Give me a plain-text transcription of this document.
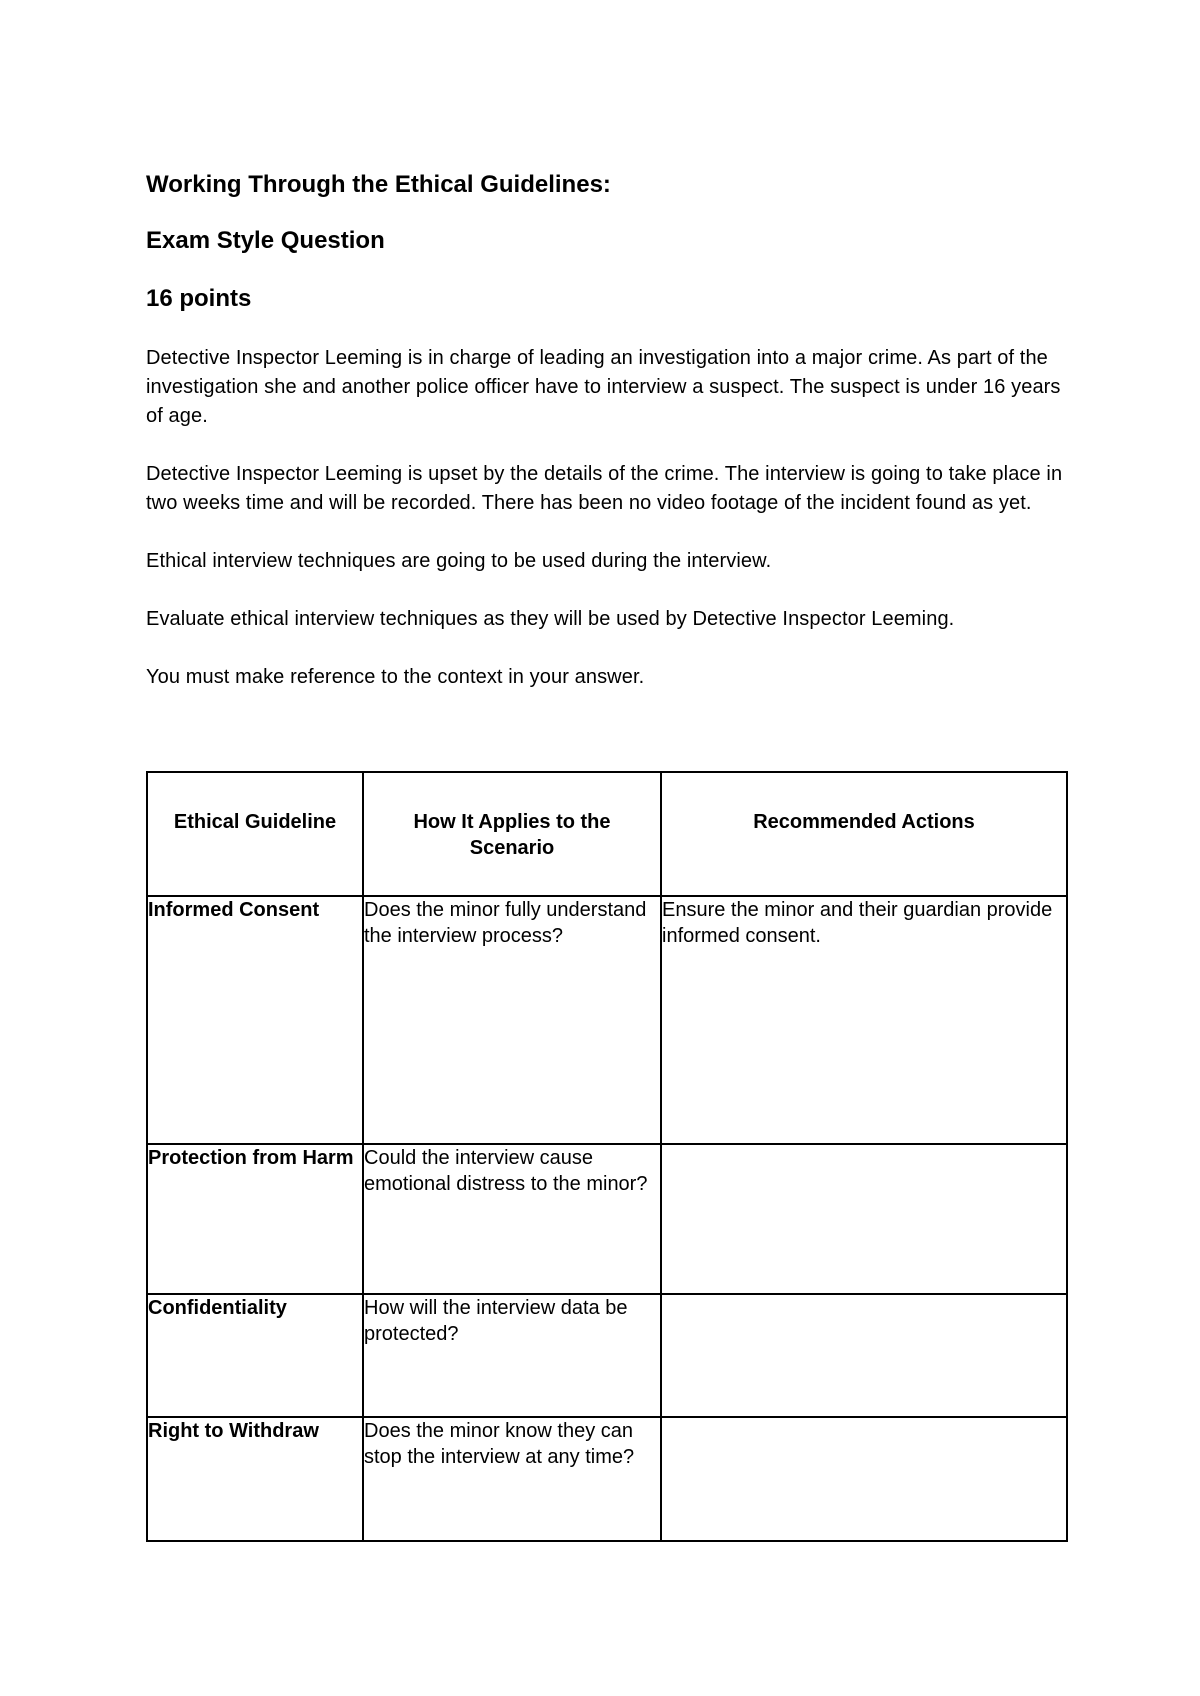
Working Through the Ethical Guidelines:

Exam Style Question

16 points

Detective Inspector Leeming is in charge of leading an investigation into a major crime. As part of the investigation she and another police officer have to interview a suspect. The suspect is under 16 years of age.

Detective Inspector Leeming is upset by the details of the crime. The interview is going to take place in two weeks time and will be recorded. There has been no video footage of the incident found as yet.

Ethical interview techniques are going to be used during the interview.

Evaluate ethical interview techniques as they will be used by Detective Inspector Leeming.

You must make reference to the context in your answer.

Ethical Guideline	How It Applies to the Scenario	Recommended Actions

Informed Consent	Does the minor fully understand the interview process?	Ensure the minor and their guardian provide informed consent.
Protection from Harm	Could the interview cause emotional distress to the minor?	
Confidentiality	How will the interview data be protected?	
Right to Withdraw	Does the minor know they can stop the interview at any time?	
